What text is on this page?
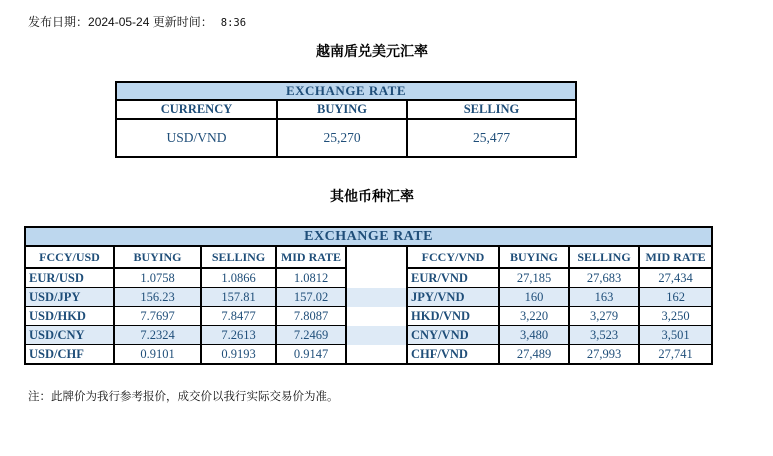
发布日期：2024-05-24 更新时间： 8:36
越南盾兑美元汇率
EXCHANGE RATE		
CURRENCY	BUYING	SELLING
USD/VND	25,270	25,477
其他币种汇率
EXCHANGE RATE								
FCCY/USD	BUYING	SELLING	MID RATE		FCCY/VND	BUYING	SELLING	MID RATE
EUR/USD	1.0758	1.0866	1.0812		EUR/VND	27,185	27,683	27,434
USD/JPY	156.23	157.81	157.02		JPY/VND	160	163	162
USD/HKD	7.7697	7.8477	7.8087		HKD/VND	3,220	3,279	3,250
USD/CNY	7.2324	7.2613	7.2469		CNY/VND	3,480	3,523	3,501
USD/CHF	0.9101	0.9193	0.9147		CHF/VND	27,489	27,993	27,741
注：此牌价为我行参考报价，成交价以我行实际交易价为准。
